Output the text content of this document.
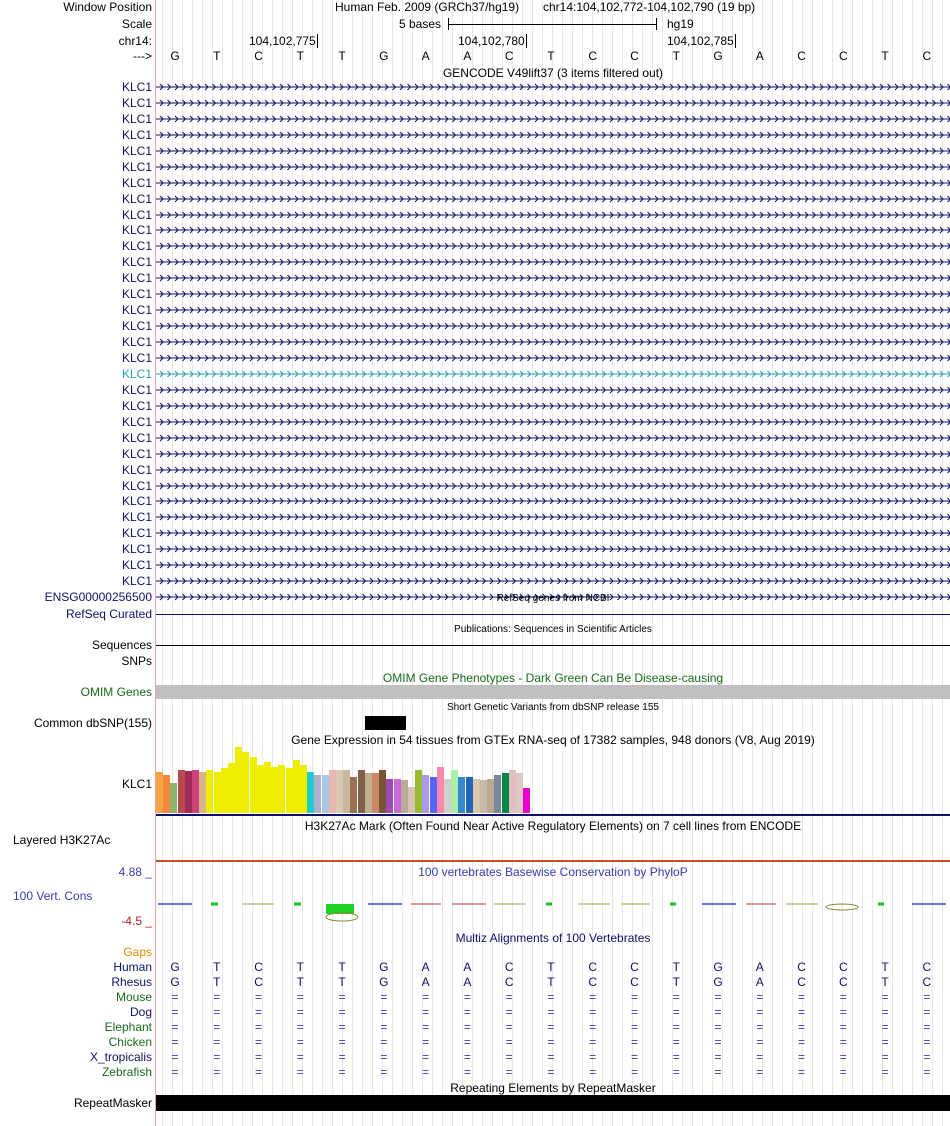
Window Position	Human Feb. 2009 (GRCh37/hg19) chr14:104,102,772-104,102,790 (19 bp)
Scale	5 bases	hg19
chr14:	104,102,775	104,102,780	104,102,785
--->	G	T	C	T	T	G	A	A	C	T	C	C	T	G	A	C	C	T	C
GENCODE V49lift37 (3 items filtered out)
KLC1
KLC1
KLC1
KLC1
KLC1
KLC1
KLC1
KLC1
KLC1
KLC1
KLC1
KLC1
KLC1
KLC1
KLC1
KLC1
KLC1
KLC1
KLC1
KLC1
KLC1
KLC1
KLC1
KLC1
KLC1
KLC1
KLC1
KLC1
KLC1
KLC1
KLC1
KLC1
ENSG00000256500	RefSeq genes from NCBI
RefSeq Curated
Publications: Sequences in Scientific Articles
Sequences
SNPs
OMIM Gene Phenotypes - Dark Green Can Be Disease-causing
OMIM Genes
Short Genetic Variants from dbSNP release 155
Common dbSNP(155)
Gene Expression in 54 tissues from GTEx RNA-seq of 17382 samples, 948 donors (V8, Aug 2019)
KLC1
H3K27Ac Mark (Often Found Near Active Regulatory Elements) on 7 cell lines from ENCODE
Layered H3K27Ac
100 vertebrates Basewise Conservation by PhyloP
4.88 _
100 Vert. Cons
-4.5 _
Multiz Alignments of 100 Vertebrates
Gaps
Human	G	T	C	T	T	G	A	A	C	T	C	C	T	G	A	C	C	T	C
Rhesus	G	T	C	T	T	G	A	A	C	T	C	C	T	G	A	C	C	T	C
Mouse	=	=	=	=	=	=	=	=	=	=	=	=	=	=	=	=	=	=	=
Dog	=	=	=	=	=	=	=	=	=	=	=	=	=	=	=	=	=	=	=
Elephant	=	=	=	=	=	=	=	=	=	=	=	=	=	=	=	=	=	=	=
Chicken	=	=	=	=	=	=	=	=	=	=	=	=	=	=	=	=	=	=	=
X_tropicalis	=	=	=	=	=	=	=	=	=	=	=	=	=	=	=	=	=	=	=
Zebrafish	=	=	=	=	=	=	=	=	=	=	=	=	=	=	=	=	=	=	=
Repeating Elements by RepeatMasker
RepeatMasker
